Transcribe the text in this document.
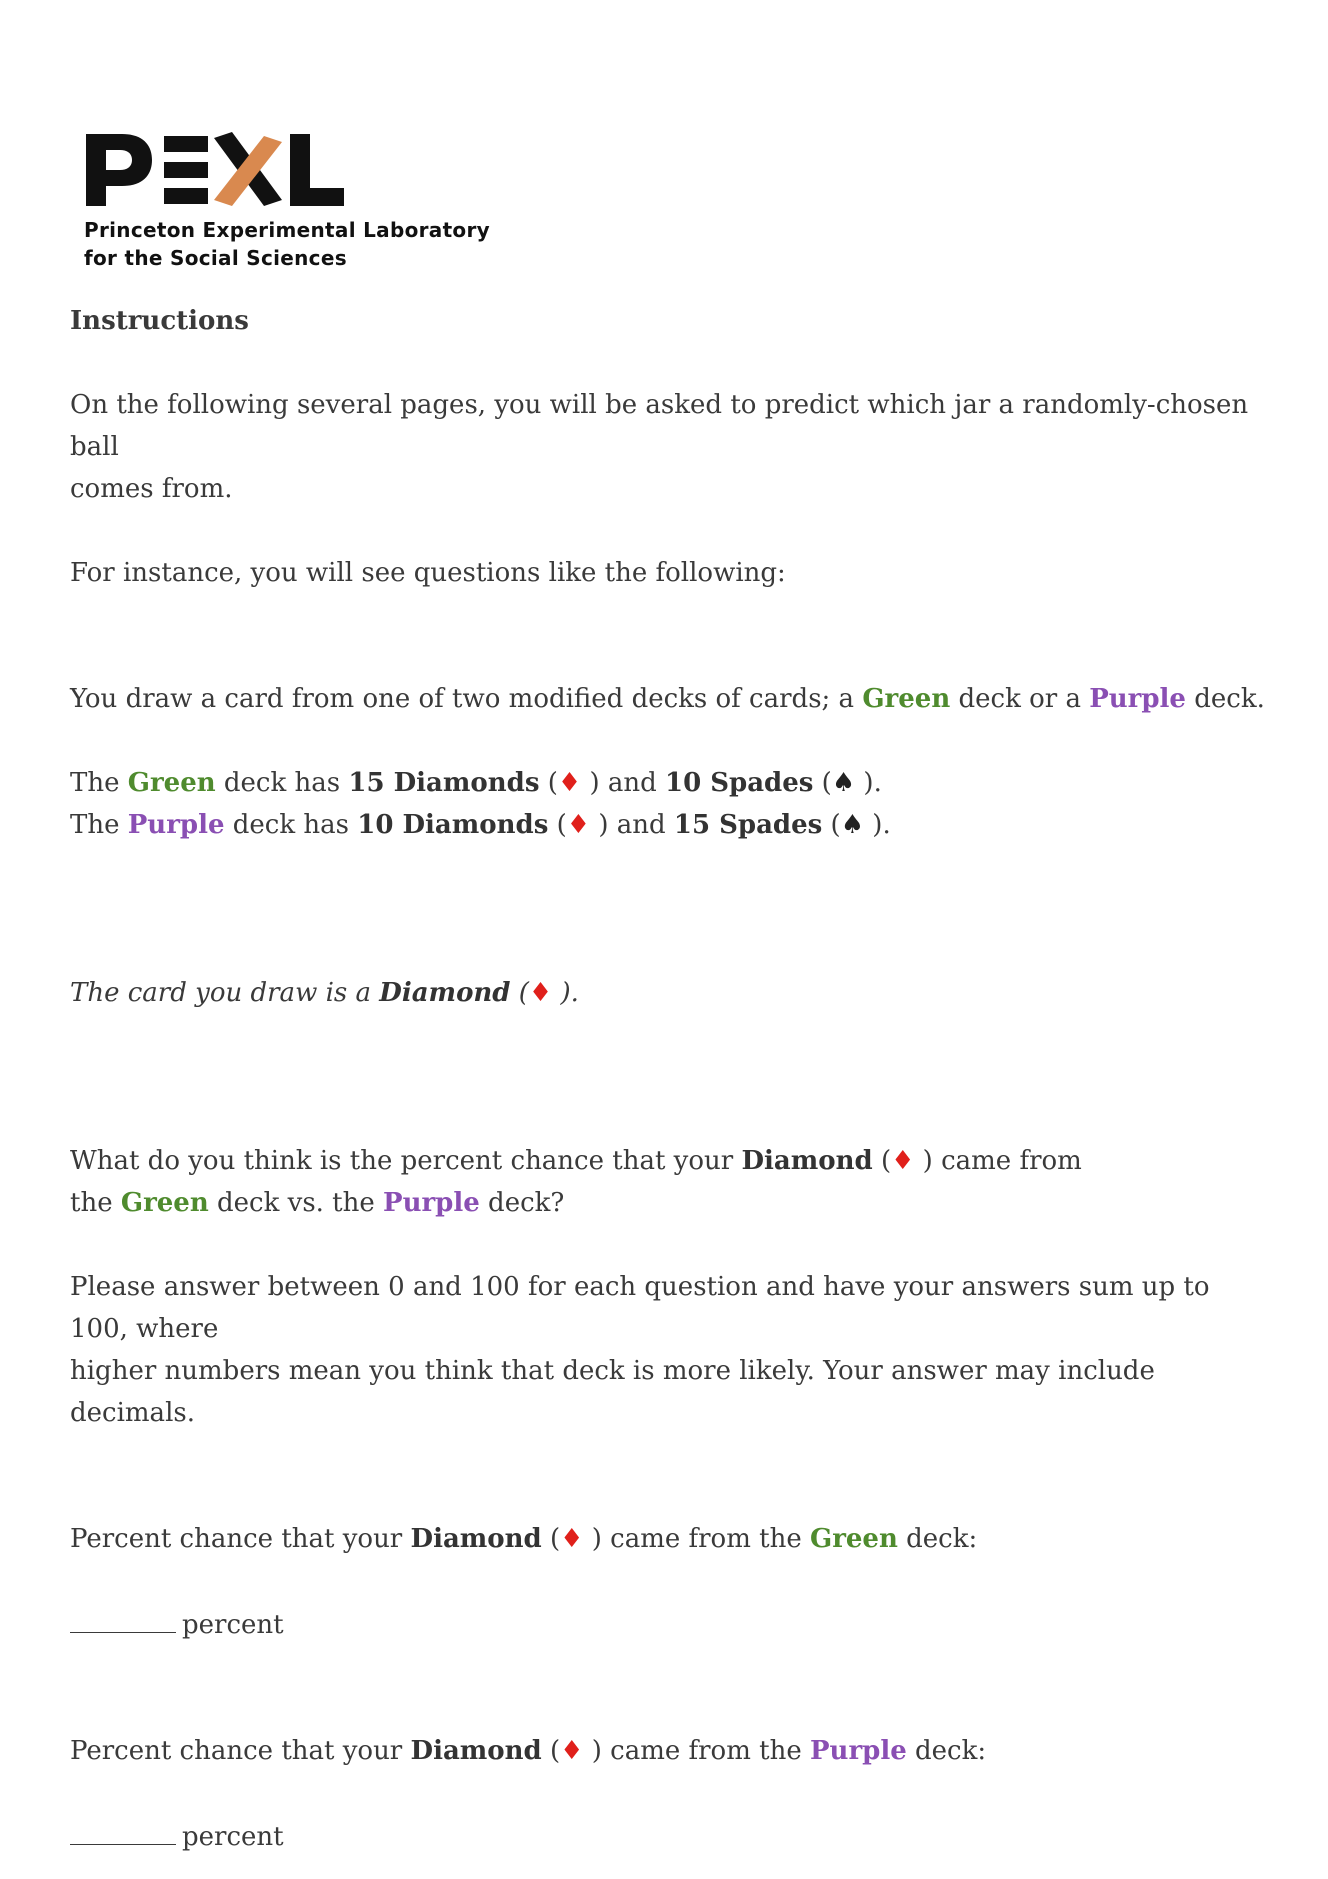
Princeton Experimental Laboratory
for the Social Sciences

Instructions

On the following several pages, you will be asked to predict which jar a randomly-chosen ball
comes from.

For instance, you will see questions like the following:

You draw a card from one of two modified decks of cards; a Green deck or a Purple deck.

The Green deck has 15 Diamonds (♦ ) and 10 Spades (♠ ).
The Purple deck has 10 Diamonds (♦ ) and 15 Spades (♠ ).

The card you draw is a Diamond (♦ ).

What do you think is the percent chance that your Diamond (♦ ) came from
the Green deck vs. the Purple deck?

Please answer between 0 and 100 for each question and have your answers sum up to 100, where
higher numbers mean you think that deck is more likely. Your answer may include decimals.

Percent chance that your Diamond (♦ ) came from the Green deck:

percent

Percent chance that your Diamond (♦ ) came from the Purple deck:

percent
